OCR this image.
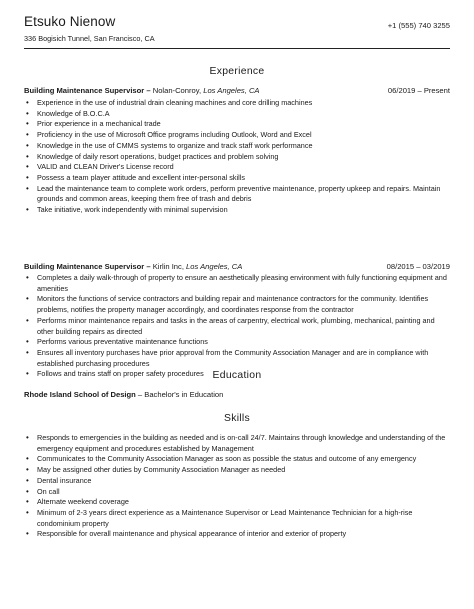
Etsuko Nienow	+1 (555) 740 3255
336 Bogisich Tunnel, San Francisco, CA
Experience
Building Maintenance Supervisor – Nolan-Conroy, Los Angeles, CA	06/2019 – Present
• Experience in the use of industrial drain cleaning machines and core drilling machines
• Knowledge of B.O.C.A
• Prior experience in a mechanical trade
• Proficiency in the use of Microsoft Office programs including Outlook, Word and Excel
• Knowledge in the use of CMMS systems to organize and track staff work performance
• Knowledge of daily resort operations, budget practices and problem solving
• VALID and CLEAN Driver's License record
• Possess a team player attitude and excellent inter-personal skills
• Lead the maintenance team to complete work orders, perform preventive maintenance, property upkeep and repairs. Maintain grounds and common areas, keeping them free of trash and debris
• Take initiative, work independently with minimal supervision
Building Maintenance Supervisor – Kirlin Inc, Los Angeles, CA	08/2015 – 03/2019
• Completes a daily walk-through of property to ensure an aesthetically pleasing environment with fully functioning equipment and amenities
• Monitors the functions of service contractors and building repair and maintenance contractors for the community. Identifies problems, notifies the property manager accordingly, and coordinates response from the contractor
• Performs minor maintenance repairs and tasks in the areas of carpentry, electrical work, plumbing, mechanical, painting and other building repairs as directed
• Performs various preventative maintenance functions
• Ensures all inventory purchases have prior approval from the Community Association Manager and are in compliance with established purchasing procedures
• Follows and trains staff on proper safety procedures Education
Rhode Island School of Design – Bachelor's in Education
Skills
• Responds to emergencies in the building as needed and is on-call 24/7. Maintains through knowledge and understanding of the emergency equipment and procedures established by Management
• Communicates to the Community Association Manager as soon as possible the status and outcome of any emergency
• May be assigned other duties by Community Association Manager as needed
• Dental insurance
• On call
• Alternate weekend coverage
• Minimum of 2-3 years direct experience as a Maintenance Supervisor or Lead Maintenance Technician for a high-rise condominium property
• Responsible for overall maintenance and physical appearance of interior and exterior of property
